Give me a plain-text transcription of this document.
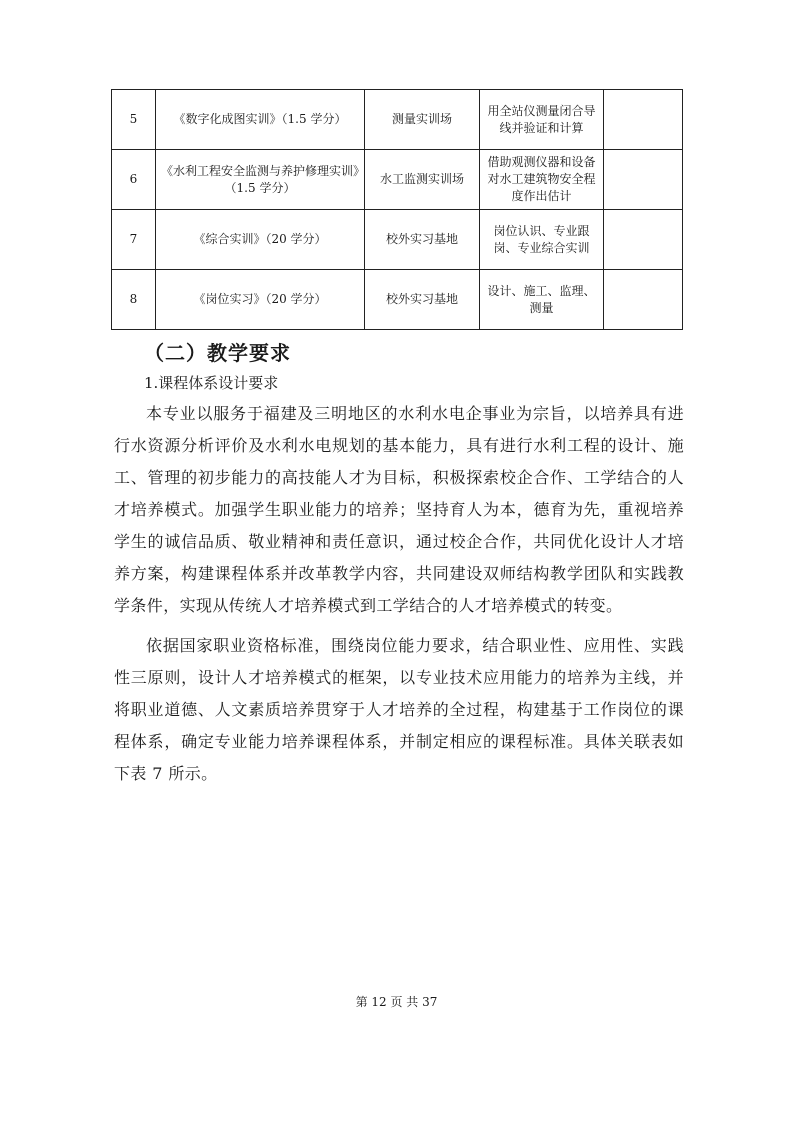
5	《数字化成图实训》（1.5 学分）	测量实训场	用全站仪测量闭合导线并验证和计算	
6	《水利工程安全监测与养护修理实训》（1.5 学分）	水工监测实训场	借助观测仪器和设备对水工建筑物安全程度作出估计	
7	《综合实训》（20 学分）	校外实习基地	岗位认识、专业跟岗、专业综合实训	
8	《岗位实习》（20 学分）	校外实习基地	设计、施工、监理、测量	
（二）教学要求

1.课程体系设计要求

本专业以服务于福建及三明地区的水利水电企事业为宗旨，以培养具有进行水资源分析评价及水利水电规划的基本能力，具有进行水利工程的设计、施工、管理的初步能力的高技能人才为目标，积极探索校企合作、工学结合的人才培养模式。加强学生职业能力的培养；坚持育人为本，德育为先，重视培养学生的诚信品质、敬业精神和责任意识，通过校企合作，共同优化设计人才培养方案，构建课程体系并改革教学内容，共同建设双师结构教学团队和实践教学条件，实现从传统人才培养模式到工学结合的人才培养模式的转变。

依据国家职业资格标准，围绕岗位能力要求，结合职业性、应用性、实践性三原则，设计人才培养模式的框架，以专业技术应用能力的培养为主线，并将职业道德、人文素质培养贯穿于人才培养的全过程，构建基于工作岗位的课程体系，确定专业能力培养课程体系，并制定相应的课程标准。具体关联表如下表 7 所示。

第 12 页 共 37
